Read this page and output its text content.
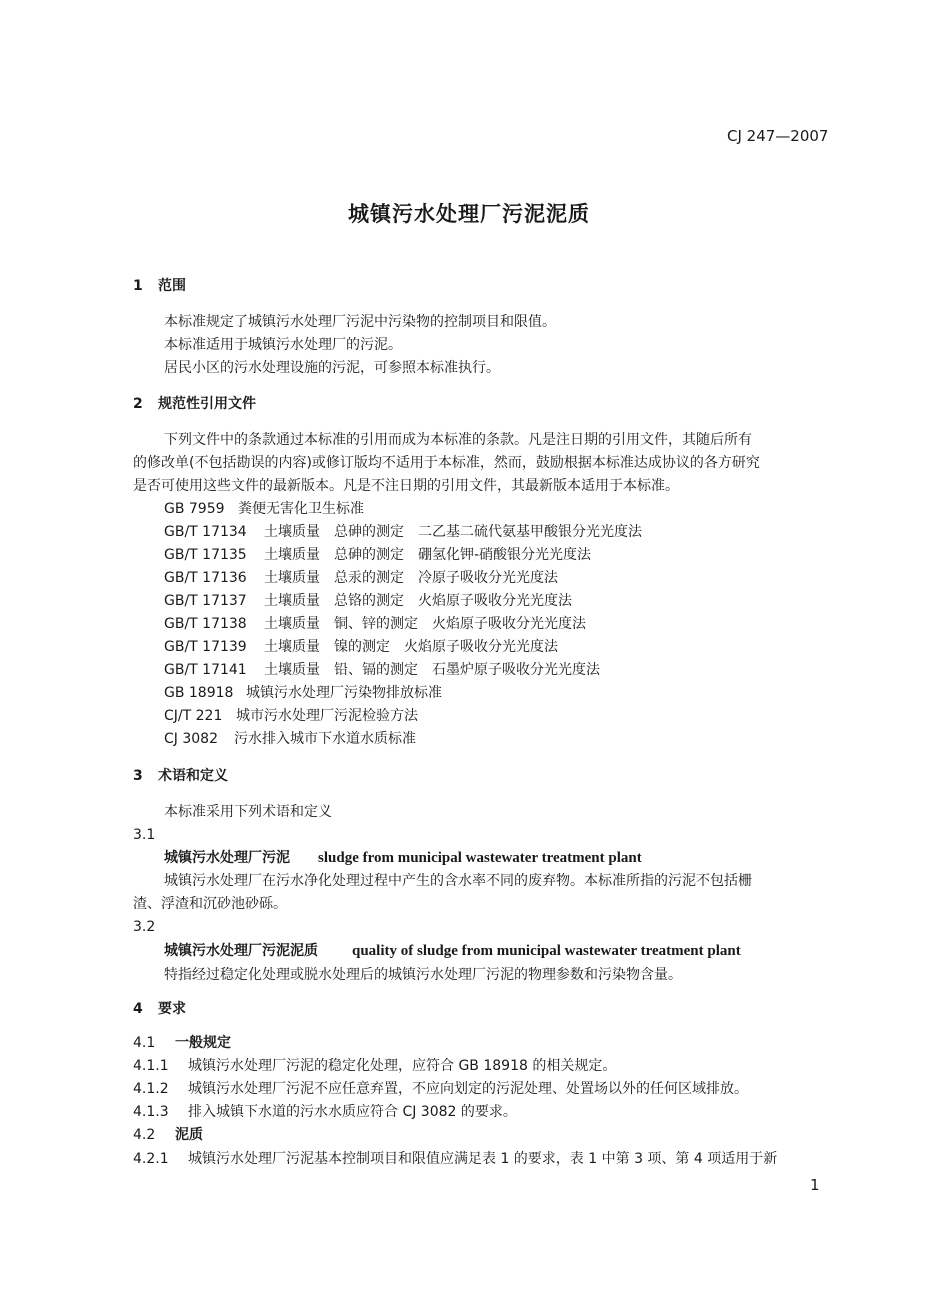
CJ 247—2007
城镇污水处理厂污泥泥质
1 范围
本标准规定了城镇污水处理厂污泥中污染物的控制项目和限值。
本标准适用于城镇污水处理厂的污泥。
居民小区的污水处理设施的污泥，可参照本标准执行。
2 规范性引用文件
下列文件中的条款通过本标准的引用而成为本标准的条款。凡是注日期的引用文件，其随后所有
的修改单(不包括勘误的内容)或修订版均不适用于本标准，然而，鼓励根据本标准达成协议的各方研究
是否可使用这些文件的最新版本。凡是不注日期的引用文件，其最新版本适用于本标准。
GB 7959 粪便无害化卫生标准
GB/T 17134 土壤质量　总砷的测定　二乙基二硫代氨基甲酸银分光光度法
GB/T 17135 土壤质量　总砷的测定　硼氢化钾-硝酸银分光光度法
GB/T 17136 土壤质量　总汞的测定　冷原子吸收分光光度法
GB/T 17137 土壤质量　总铬的测定　火焰原子吸收分光光度法
GB/T 17138 土壤质量　铜、锌的测定　火焰原子吸收分光光度法
GB/T 17139 土壤质量　镍的测定　火焰原子吸收分光光度法
GB/T 17141 土壤质量　铅、镉的测定　石墨炉原子吸收分光光度法
GB 18918 城镇污水处理厂污染物排放标准
CJ/T 221 城市污水处理厂污泥检验方法
CJ 3082 污水排入城市下水道水质标准
3 术语和定义
本标准采用下列术语和定义
3.1
城镇污水处理厂污泥 sludge from municipal wastewater treatment plant
城镇污水处理厂在污水净化处理过程中产生的含水率不同的废弃物。本标准所指的污泥不包括栅
渣、浮渣和沉砂池砂砾。
3.2
城镇污水处理厂污泥泥质 quality of sludge from municipal wastewater treatment plant
特指经过稳定化处理或脱水处理后的城镇污水处理厂污泥的物理参数和污染物含量。
4 要求
4.1 一般规定
4.1.1 城镇污水处理厂污泥的稳定化处理，应符合 GB 18918 的相关规定。
4.1.2 城镇污水处理厂污泥不应任意弃置，不应向划定的污泥处理、处置场以外的任何区域排放。
4.1.3 排入城镇下水道的污水水质应符合 CJ 3082 的要求。
4.2 泥质
4.2.1 城镇污水处理厂污泥基本控制项目和限值应满足表 1 的要求，表 1 中第 3 项、第 4 项适用于新
1
